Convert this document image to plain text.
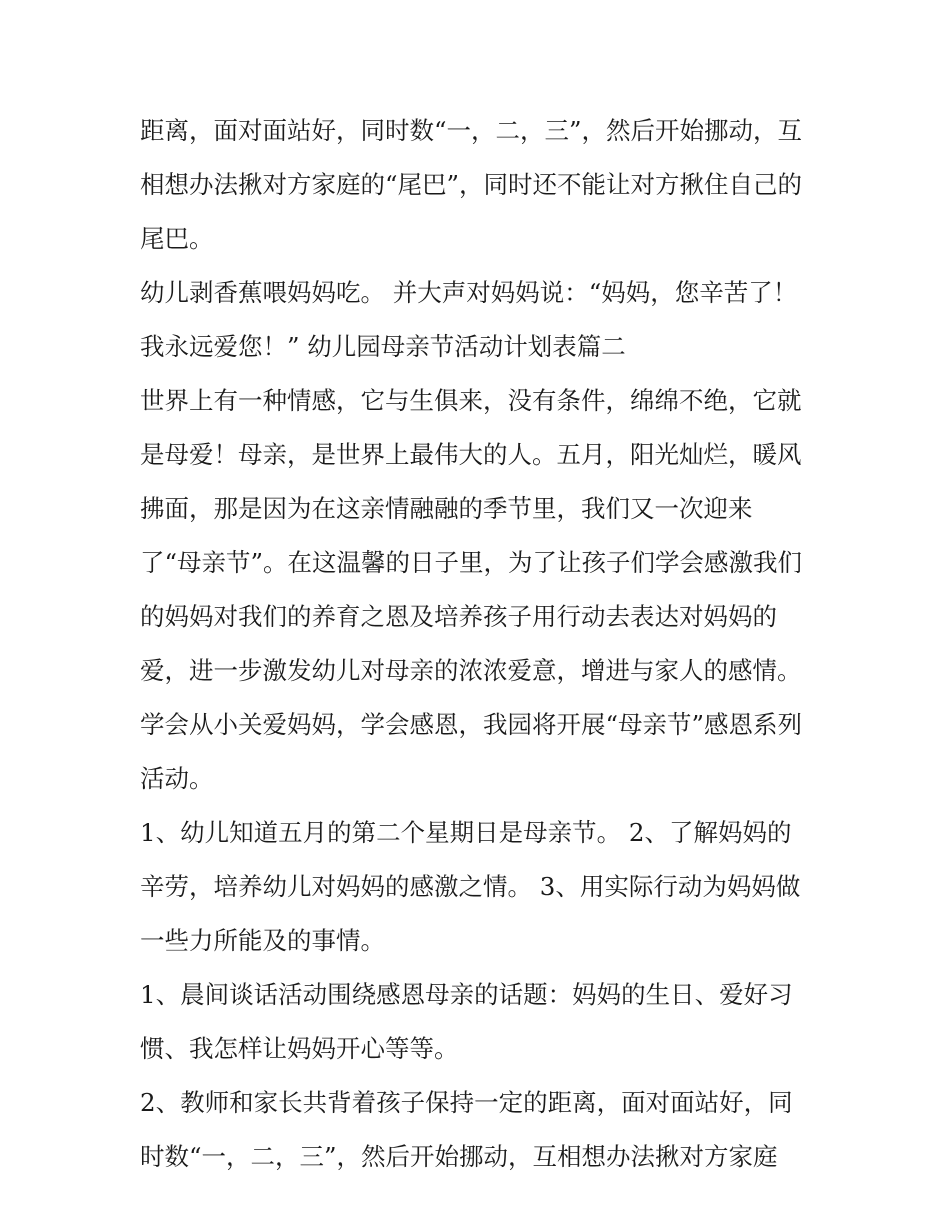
距离，面对面站好，同时数“一，二，三”，然后开始挪动，互
相想办法揪对方家庭的“尾巴”，同时还不能让对方揪住自己的
尾巴。
幼儿剥香蕉喂妈妈吃。 并大声对妈妈说：“妈妈，您辛苦了！
我永远爱您！” 幼儿园母亲节活动计划表篇二
世界上有一种情感，它与生俱来，没有条件，绵绵不绝，它就
是母爱！母亲，是世界上最伟大的人。五月，阳光灿烂，暖风
拂面，那是因为在这亲情融融的季节里，我们又一次迎来
了“母亲节”。在这温馨的日子里，为了让孩子们学会感激我们
的妈妈对我们的养育之恩及培养孩子用行动去表达对妈妈的
爱，进一步激发幼儿对母亲的浓浓爱意，增进与家人的感情。
学会从小关爱妈妈，学会感恩，我园将开展“母亲节”感恩系列
活动。
1、幼儿知道五月的第二个星期日是母亲节。 2、了解妈妈的
辛劳，培养幼儿对妈妈的感激之情。 3、用实际行动为妈妈做
一些力所能及的事情。
1、晨间谈话活动围绕感恩母亲的话题：妈妈的生日、爱好习
惯、我怎样让妈妈开心等等。
2、教师和家长共背着孩子保持一定的距离，面对面站好，同
时数“一，二，三”，然后开始挪动，互相想办法揪对方家庭
